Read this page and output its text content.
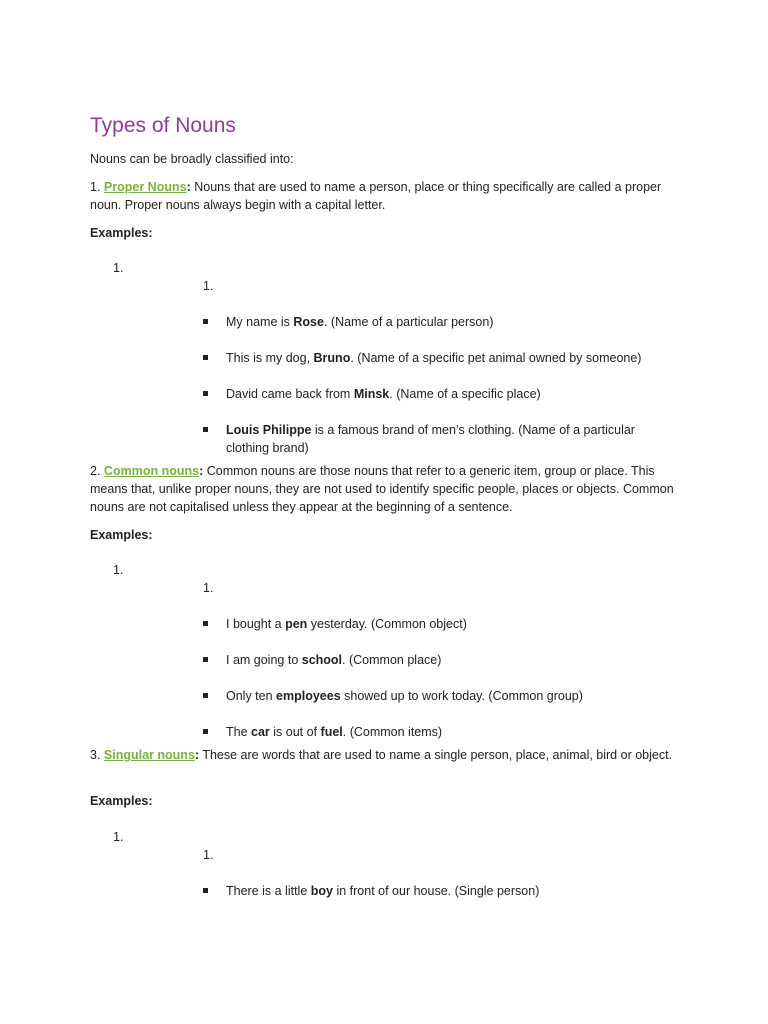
Types of Nouns
Nouns can be broadly classified into:
1. Proper Nouns: Nouns that are used to name a person, place or thing specifically are called a proper noun. Proper nouns always begin with a capital letter.
Examples:
1.
1.
My name is Rose. (Name of a particular person)
This is my dog, Bruno. (Name of a specific pet animal owned by someone)
David came back from Minsk. (Name of a specific place)
Louis Philippe is a famous brand of men’s clothing. (Name of a particular clothing brand)
2. Common nouns: Common nouns are those nouns that refer to a generic item, group or place. This means that, unlike proper nouns, they are not used to identify specific people, places or objects. Common nouns are not capitalised unless they appear at the beginning of a sentence.
Examples:
1.
1.
I bought a pen yesterday. (Common object)
I am going to school. (Common place)
Only ten employees showed up to work today. (Common group)
The car is out of fuel. (Common items)
3. Singular nouns: These are words that are used to name a single person, place, animal, bird or object.
Examples:
1.
1.
There is a little boy in front of our house. (Single person)
